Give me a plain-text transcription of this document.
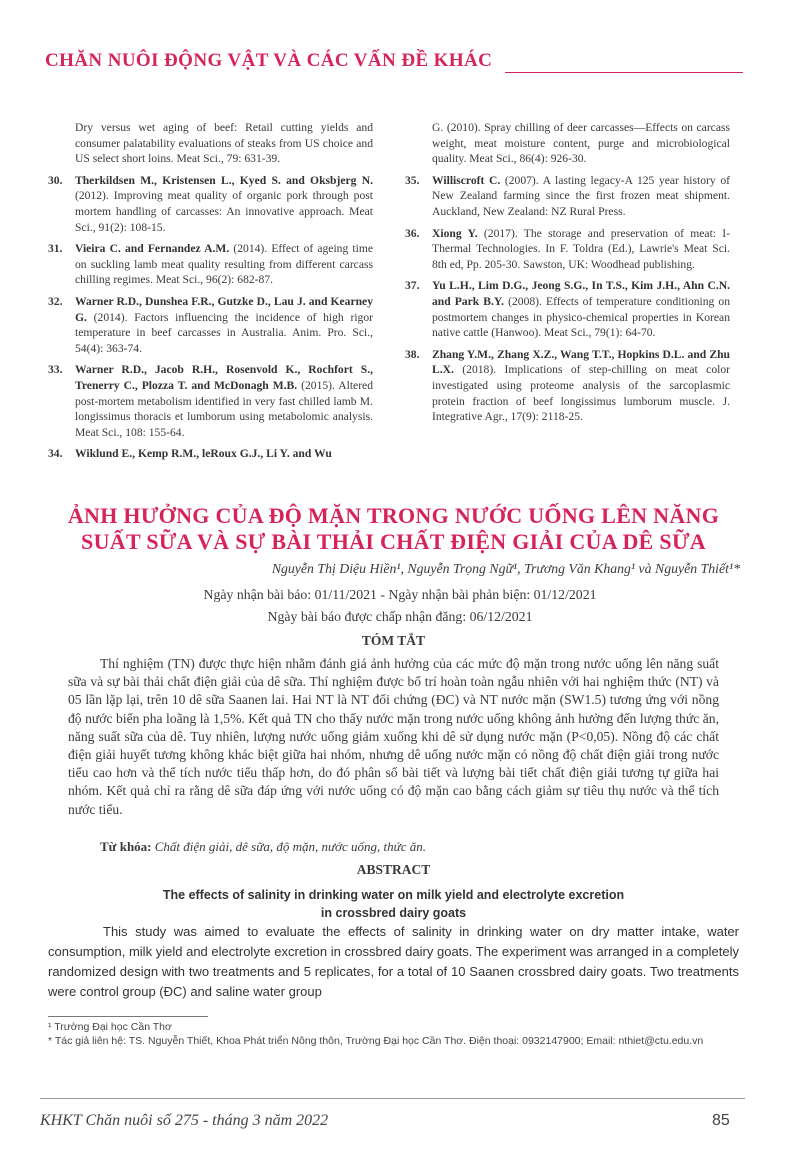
CHĂN NUÔI ĐỘNG VẬT VÀ CÁC VẤN ĐỀ KHÁC
Dry versus wet aging of beef: Retail cutting yields and consumer palatability evaluations of steaks from US choice and US select short loins. Meat Sci., 79: 631-39.
30. Therkildsen M., Kristensen L., Kyed S. and Oksbjerg N. (2012). Improving meat quality of organic pork through post mortem handling of carcasses: An innovative approach. Meat Sci., 91(2): 108-15.
31. Vieira C. and Fernandez A.M. (2014). Effect of ageing time on suckling lamb meat quality resulting from different carcass chilling regimes. Meat Sci., 96(2): 682-87.
32. Warner R.D., Dunshea F.R., Gutzke D., Lau J. and Kearney G. (2014). Factors influencing the incidence of high rigor temperature in beef carcasses in Australia. Anim. Pro. Sci., 54(4): 363-74.
33. Warner R.D., Jacob R.H., Rosenvold K., Rochfort S., Trenerry C., Plozza T. and McDonagh M.B. (2015). Altered post-mortem metabolism identified in very fast chilled lamb M. longissimus thoracis et lumborum using metabolomic analysis. Meat Sci., 108: 155-64.
34. Wiklund E., Kemp R.M., leRoux G.J., Li Y. and Wu
G. (2010). Spray chilling of deer carcasses—Effects on carcass weight, meat moisture content, purge and microbiological quality. Meat Sci., 86(4): 926-30.
35. Williscroft C. (2007). A lasting legacy-A 125 year history of New Zealand farming since the first frozen meat shipment. Auckland, New Zealand: NZ Rural Press.
36. Xiong Y. (2017). The storage and preservation of meat: I-Thermal Technologies. In F. Toldra (Ed.), Lawrie's Meat Sci. 8th ed, Pp. 205-30. Sawston, UK: Woodhead publishing.
37. Yu L.H., Lim D.G., Jeong S.G., In T.S., Kim J.H., Ahn C.N. and Park B.Y. (2008). Effects of temperature conditioning on postmortem changes in physico-chemical properties in Korean native cattle (Hanwoo). Meat Sci., 79(1): 64-70.
38. Zhang Y.M., Zhang X.Z., Wang T.T., Hopkins D.L. and Zhu L.X. (2018). Implications of step-chilling on meat color investigated using proteome analysis of the sarcoplasmic protein fraction of beef longissimus lumborum muscle. J. Integrative Agr., 17(9): 2118-25.
ẢNH HƯỞNG CỦA ĐỘ MẶN TRONG NƯỚC UỐNG LÊN NĂNG
SUẤT SỮA VÀ SỰ BÀI THẢI CHẤT ĐIỆN GIẢI CỦA DÊ SỮA
Nguyễn Thị Diệu Hiền¹, Nguyễn Trọng Ngữ¹, Trương Văn Khang¹ và Nguyễn Thiết¹*
Ngày nhận bài báo: 01/11/2021 - Ngày nhận bài phản biện: 01/12/2021
Ngày bài báo được chấp nhận đăng: 06/12/2021
TÓM TẮT
Thí nghiệm (TN) được thực hiện nhằm đánh giá ảnh hưởng của các mức độ mặn trong nước uống lên năng suất sữa và sự bài thải chất điện giải của dê sữa. Thí nghiệm được bố trí hoàn toàn ngẫu nhiên với hai nghiệm thức (NT) và 05 lần lặp lại, trên 10 dê sữa Saanen lai. Hai NT là NT đối chứng (ĐC) và NT nước mặn (SW1.5) tương ứng với nồng độ nước biển pha loãng là 1,5%. Kết quả TN cho thấy nước mặn trong nước uống không ảnh hưởng đến lượng thức ăn, năng suất sữa của dê. Tuy nhiên, lượng nước uống giảm xuống khi dê sử dụng nước mặn (P<0,05). Nồng độ các chất điện giải huyết tương không khác biệt giữa hai nhóm, nhưng dê uống nước mặn có nồng độ chất điện giải trong nước tiểu cao hơn và thể tích nước tiểu thấp hơn, do đó phân số bài tiết và lượng bài tiết chất điện giải tương tự giữa hai nhóm. Kết quả chỉ ra rằng dê sữa đáp ứng với nước uống có độ mặn cao bằng cách giảm sự tiêu thụ nước và thể tích nước tiểu.
Từ khóa: Chất điện giải, dê sữa, độ mặn, nước uống, thức ăn.
ABSTRACT
The effects of salinity in drinking water on milk yield and electrolyte excretion
in crossbred dairy goats
This study was aimed to evaluate the effects of salinity in drinking water on dry matter intake, water consumption, milk yield and electrolyte excretion in crossbred dairy goats. The experiment was arranged in a completely randomized design with two treatments and 5 replicates, for a total of 10 Saanen crossbred dairy goats. Two treatments were control group (ĐC) and saline water group
¹ Trường Đại học Cần Thơ
* Tác giả liên hệ: TS. Nguyễn Thiết, Khoa Phát triển Nông thôn, Trường Đại học Cần Thơ. Điện thoại: 0932147900; Email: nthiet@ctu.edu.vn
KHKT Chăn nuôi số 275 - tháng 3 năm 2022	85
